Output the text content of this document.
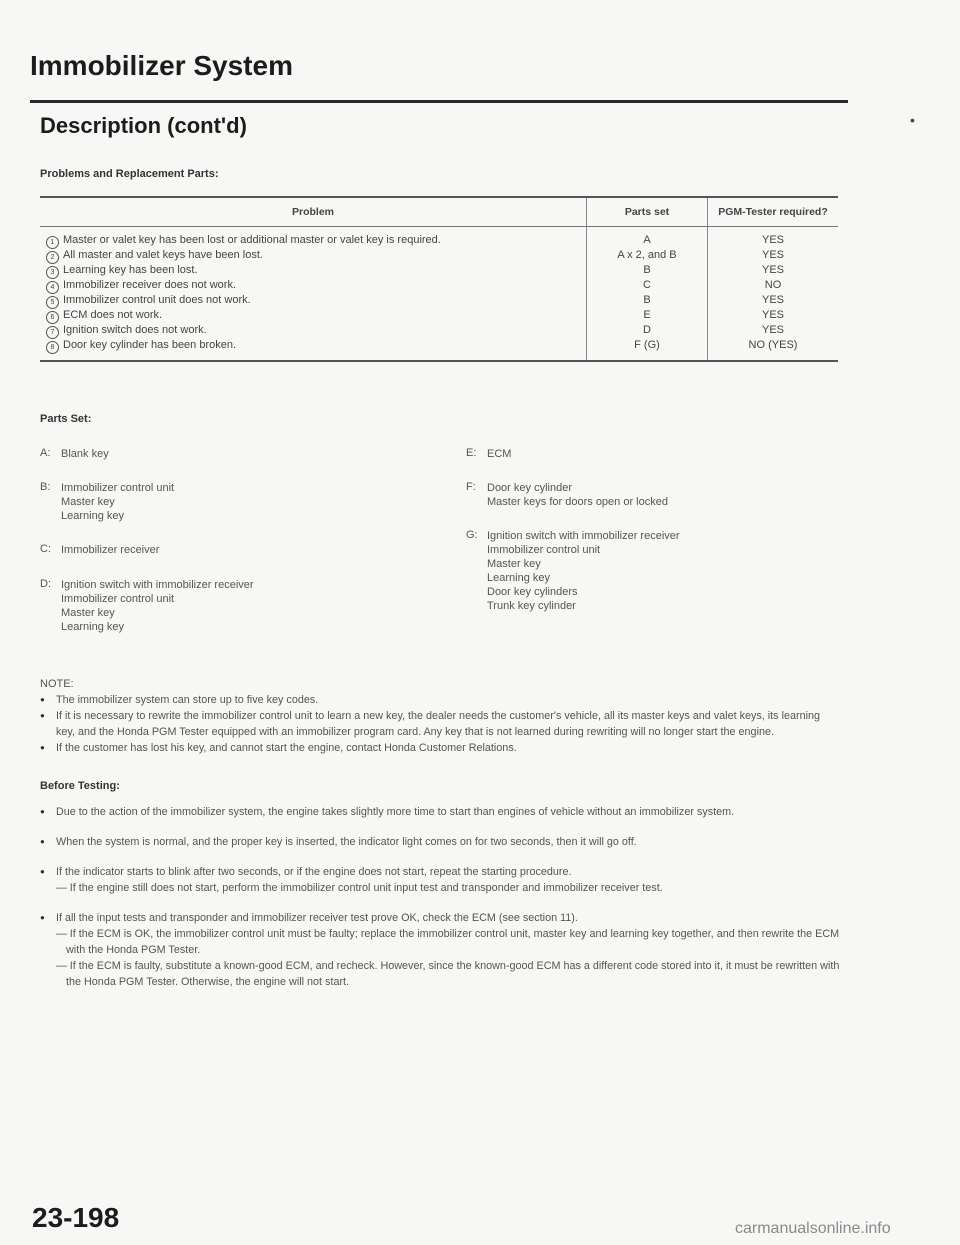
Immobilizer System
•
Description (cont'd)
Problems and Replacement Parts:
Problem	Parts set	PGM-Tester required?
1 Master or valet key has been lost or additional master or valet key is required.	A	YES
2 All master and valet keys have been lost.	A x 2, and B	YES
3 Learning key has been lost.	B	YES
4 Immobilizer receiver does not work.	C	NO
5 Immobilizer control unit does not work.	B	YES
6 ECM does not work.	E	YES
7 Ignition switch does not work.	D	YES
8 Door key cylinder has been broken.	F (G)	NO (YES)
Parts Set:
A: Blank key
B: Immobilizer control unit
Master key
Learning key
C: Immobilizer receiver
D: Ignition switch with immobilizer receiver
Immobilizer control unit
Master key
Learning key
E: ECM
F:	Door key cylinder
Master keys for doors open or locked
G: Ignition switch with immobilizer receiver
Immobilizer control unit
Master key
Learning key
Door key cylinders
Trunk key cylinder
NOTE:
● The immobilizer system can store up to five key codes.
● If it is necessary to rewrite the immobilizer control unit to learn a new key, the dealer needs the customer's vehicle, all its master keys and valet keys, its learning key, and the Honda PGM Tester equipped with an immobilizer program card. Any key that is not learned during rewriting will no longer start the engine.
● If the customer has lost his key, and cannot start the engine, contact Honda Customer Relations.
Before Testing:
● Due to the action of the immobilizer system, the engine takes slightly more time to start than engines of vehicle without an immobilizer system.
● When the system is normal, and the proper key is inserted, the indicator light comes on for two seconds, then it will go off.
● If the indicator starts to blink after two seconds, or if the engine does not start, repeat the starting procedure.
— If the engine still does not start, perform the immobilizer control unit input test and transponder and immobilizer receiver test.
● If all the input tests and transponder and immobilizer receiver test prove OK, check the ECM (see section 11).
— If the ECM is OK, the immobilizer control unit must be faulty; replace the immobilizer control unit, master key and learning key together, and then rewrite the ECM with the Honda PGM Tester.
— If the ECM is faulty, substitute a known-good ECM, and recheck. However, since the known-good ECM has a different code stored into it, it must be rewritten with the Honda PGM Tester. Otherwise, the engine will not start.
23-198	carmanualsonline.info
